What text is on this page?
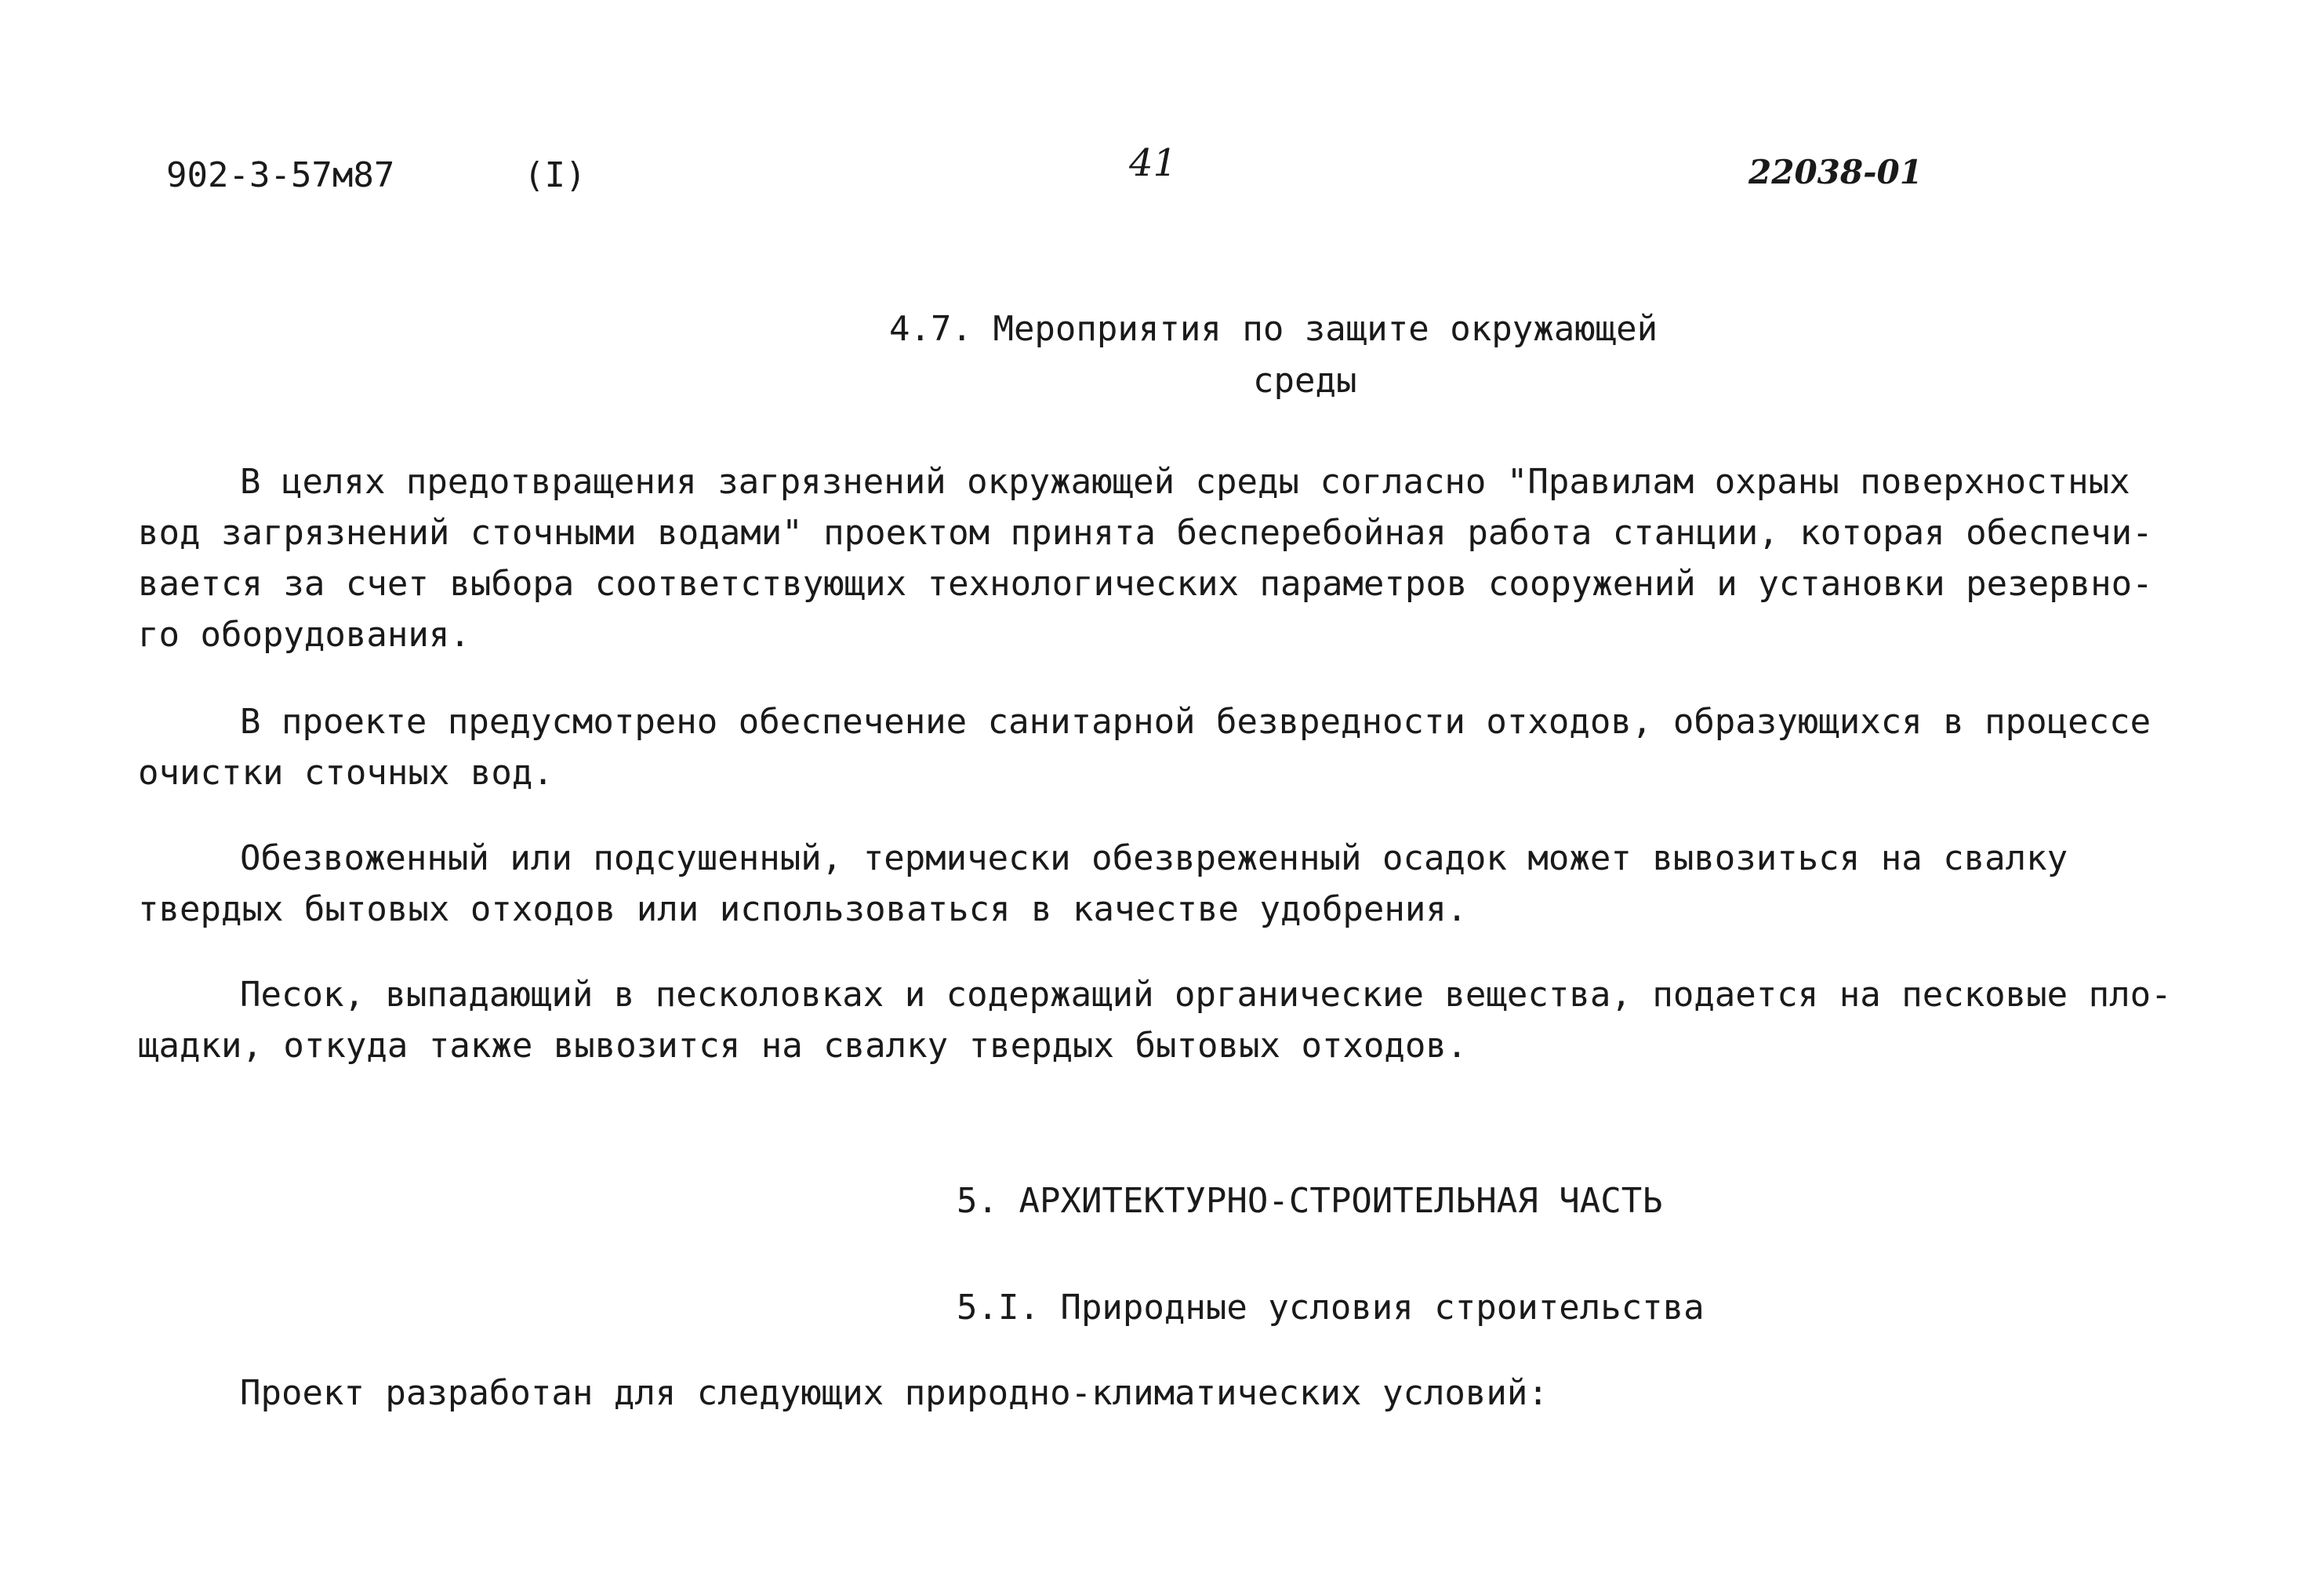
902-3-57м87	(I)	41	22038-01
4.7. Мероприятия по защите окружающей
среды
В целях предотвращения загрязнений окружающей среды согласно "Правилам охраны поверхностных
вод загрязнений сточными водами" проектом принята бесперебойная работа станции, которая обеспечи-
вается за счет выбора соответствующих технологических параметров сооружений и установки резервно-
го оборудования.
В проекте предусмотрено обеспечение санитарной безвредности отходов, образующихся в процессе
очистки сточных вод.
Обезвоженный или подсушенный, термически обезвреженный осадок может вывозиться на свалку
твердых бытовых отходов или использоваться в качестве удобрения.
Песок, выпадающий в песколовках и содержащий органические вещества, подается на песковые пло-
щадки, откуда также вывозится на свалку твердых бытовых отходов.
5. АРХИТЕКТУРНО-СТРОИТЕЛЬНАЯ ЧАСТЬ
5.I. Природные условия строительства
Проект разработан для следующих природно-климатических условий:
